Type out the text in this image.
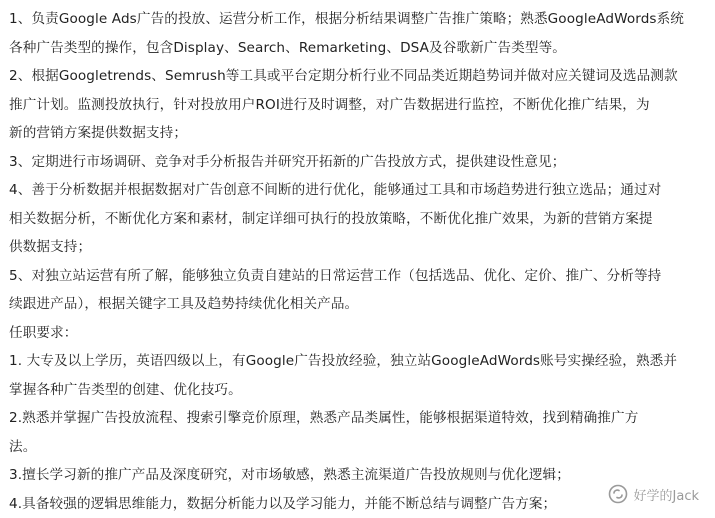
1、负责Google Ads广告的投放、运营分析工作，根据分析结果调整广告推广策略；熟悉GoogleAdWords系统
各种广告类型的操作，包含Display、Search、Remarketing、DSA及谷歌新广告类型等。
2、根据Googletrends、Semrush等工具或平台定期分析行业不同品类近期趋势词并做对应关键词及选品测款
推广计划。监测投放执行，针对投放用户ROI进行及时调整，对广告数据进行监控，不断优化推广结果，为
新的营销方案提供数据支持；
3、定期进行市场调研、竞争对手分析报告并研究开拓新的广告投放方式，提供建设性意见；
4、善于分析数据并根据数据对广告创意不间断的进行优化，能够通过工具和市场趋势进行独立选品；通过对
相关数据分析，不断优化方案和素材，制定详细可执行的投放策略，不断优化推广效果，为新的营销方案提
供数据支持；
5、对独立站运营有所了解，能够独立负责自建站的日常运营工作（包括选品、优化、定价、推广、分析等持
续跟进产品），根据关键字工具及趋势持续优化相关产品。
任职要求：
1. 大专及以上学历，英语四级以上，有Google广告投放经验，独立站GoogleAdWords账号实操经验，熟悉并
掌握各种广告类型的创建、优化技巧。
2.熟悉并掌握广告投放流程、搜索引擎竞价原理，熟悉产品类属性，能够根据渠道特效，找到精确推广方
法。
3.擅长学习新的推广产品及深度研究，对市场敏感，熟悉主流渠道广告投放规则与优化逻辑；
4.具备较强的逻辑思维能力，数据分析能力以及学习能力，并能不断总结与调整广告方案；	好学的Jack
